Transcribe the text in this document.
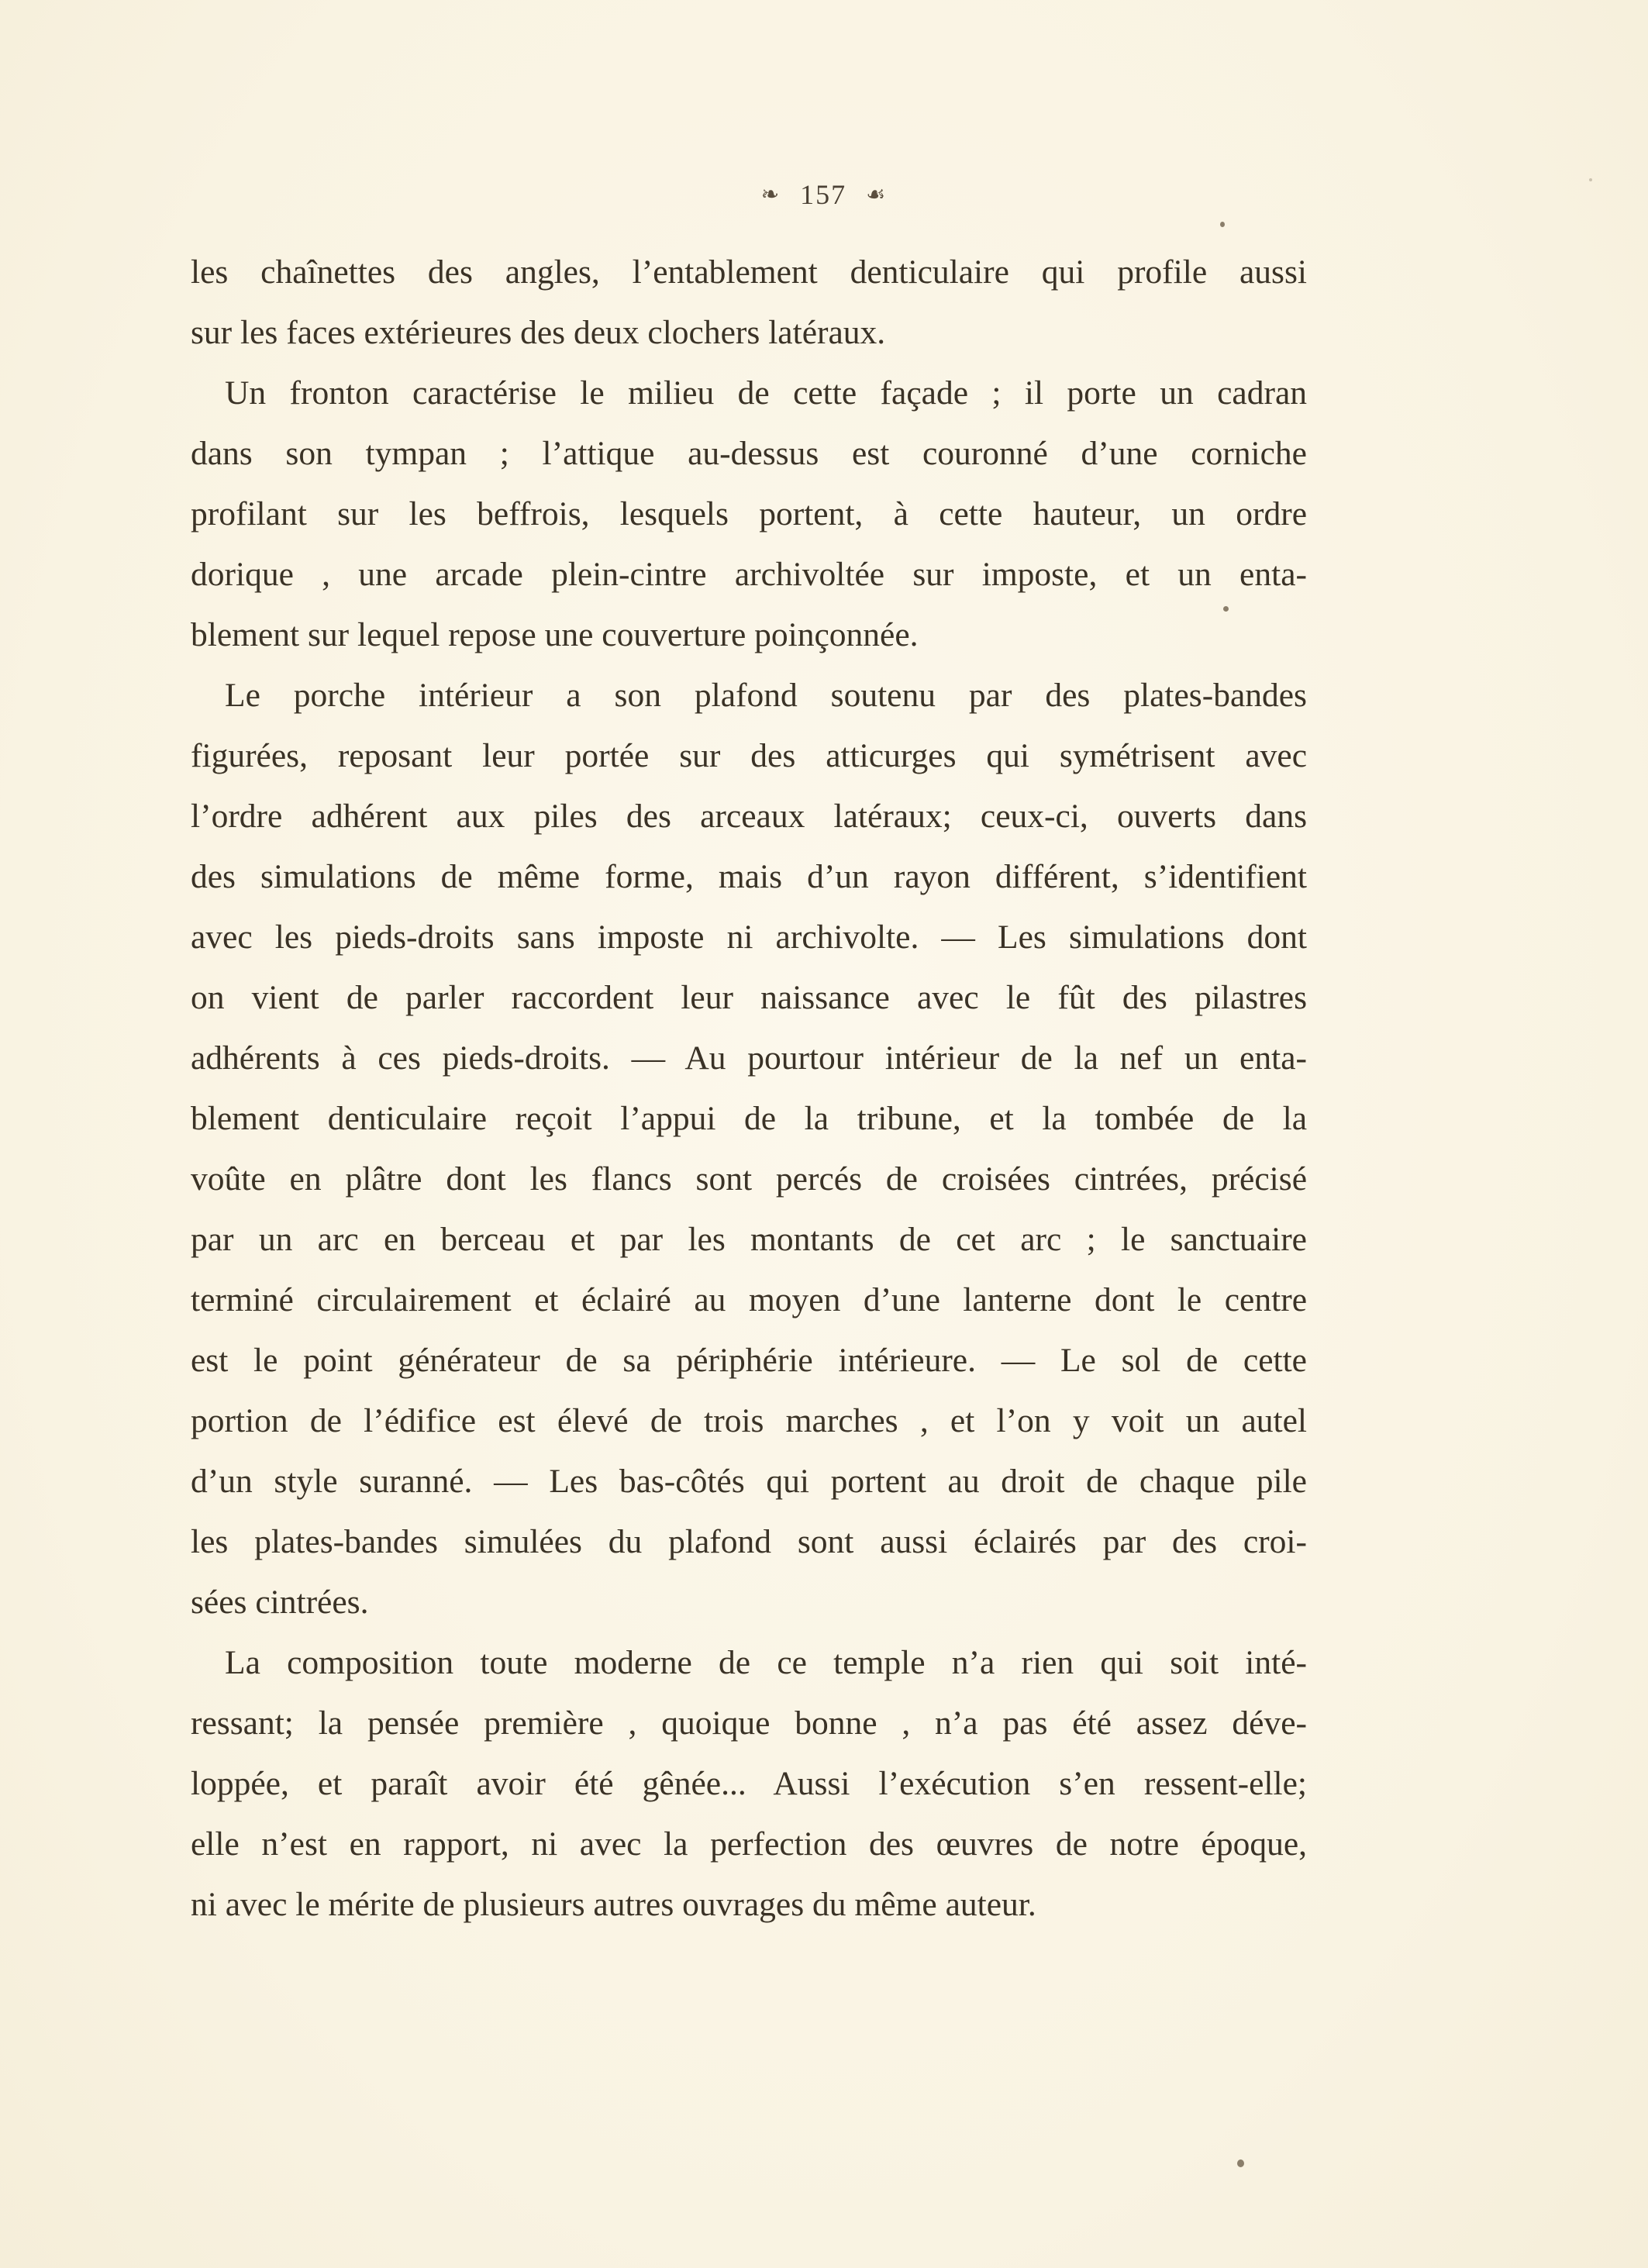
❧ 157 ☙
les chaînettes des angles, l’entablement denticulaire qui profile aussi
sur les faces extérieures des deux clochers latéraux.
Un fronton caractérise le milieu de cette façade ; il porte un cadran
dans son tympan ; l’attique au-dessus est couronné d’une corniche
profilant sur les beffrois, lesquels portent, à cette hauteur, un ordre
dorique , une arcade plein-cintre archivoltée sur imposte, et un enta-
blement sur lequel repose une couverture poinçonnée.
Le porche intérieur a son plafond soutenu par des plates-bandes
figurées, reposant leur portée sur des atticurges qui symétrisent avec
l’ordre adhérent aux piles des arceaux latéraux; ceux-ci, ouverts dans
des simulations de même forme, mais d’un rayon différent, s’identifient
avec les pieds-droits sans imposte ni archivolte. — Les simulations dont
on vient de parler raccordent leur naissance avec le fût des pilastres
adhérents à ces pieds-droits. — Au pourtour intérieur de la nef un enta-
blement denticulaire reçoit l’appui de la tribune, et la tombée de la
voûte en plâtre dont les flancs sont percés de croisées cintrées, précisé
par un arc en berceau et par les montants de cet arc ; le sanctuaire
terminé circulairement et éclairé au moyen d’une lanterne dont le centre
est le point générateur de sa périphérie intérieure. — Le sol de cette
portion de l’édifice est élevé de trois marches , et l’on y voit un autel
d’un style suranné. — Les bas-côtés qui portent au droit de chaque pile
les plates-bandes simulées du plafond sont aussi éclairés par des croi-
sées cintrées.
La composition toute moderne de ce temple n’a rien qui soit inté-
ressant; la pensée première , quoique bonne , n’a pas été assez déve-
loppée, et paraît avoir été gênée... Aussi l’exécution s’en ressent-elle;
elle n’est en rapport, ni avec la perfection des œuvres de notre époque,
ni avec le mérite de plusieurs autres ouvrages du même auteur.
